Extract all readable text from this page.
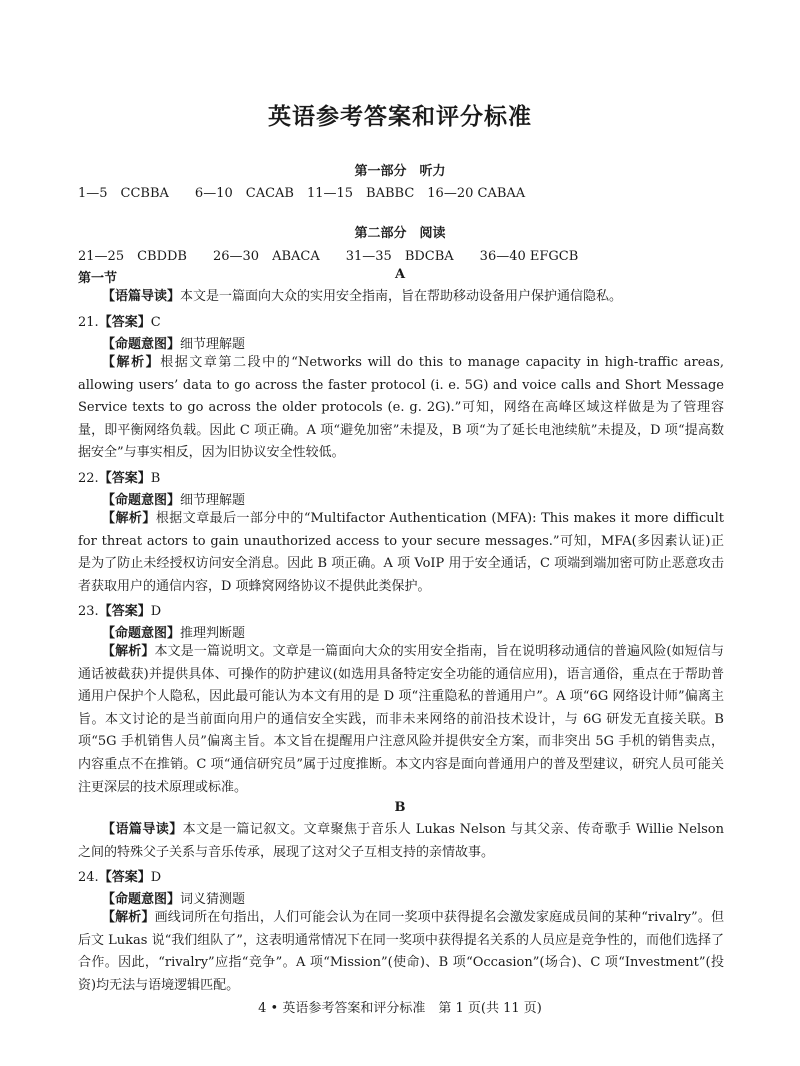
英语参考答案和评分标准
第一部分　听力
1—5　CCBBA　　6—10　CACAB　11—15　BABBC　16—20 CABAA
第二部分　阅读
21—25　CBDDB　　26—30　ABACA　　31—35　BDCBA　　36—40 EFGCB
第一节	A
【语篇导读】本文是一篇面向大众的实用安全指南，旨在帮助移动设备用户保护通信隐私。
21.【答案】C
【命题意图】细节理解题
【解析】根据文章第二段中的“Networks will do this to manage capacity in high-traffic areas, allowing users’ data to go across the faster protocol (i. e. 5G) and voice calls and Short Message Service texts to go across the older protocols (e. g. 2G).”可知，网络在高峰区域这样做是为了管理容量，即平衡网络负载。因此 C 项正确。A 项“避免加密”未提及，B 项“为了延长电池续航”未提及，D 项“提高数据安全”与事实相反，因为旧协议安全性较低。
22.【答案】B
【命题意图】细节理解题
【解析】根据文章最后一部分中的“Multifactor Authentication (MFA): This makes it more difficult for threat actors to gain unauthorized access to your secure messages.”可知，MFA(多因素认证)正是为了防止未经授权访问安全消息。因此 B 项正确。A 项 VoIP 用于安全通话，C 项端到端加密可防止恶意攻击者获取用户的通信内容，D 项蜂窝网络协议不提供此类保护。
23.【答案】D
【命题意图】推理判断题
【解析】本文是一篇说明文。文章是一篇面向大众的实用安全指南，旨在说明移动通信的普遍风险(如短信与通话被截获)并提供具体、可操作的防护建议(如选用具备特定安全功能的通信应用)，语言通俗，重点在于帮助普通用户保护个人隐私，因此最可能认为本文有用的是 D 项“注重隐私的普通用户”。A 项“6G 网络设计师”偏离主旨。本文讨论的是当前面向用户的通信安全实践，而非未来网络的前沿技术设计，与 6G 研发无直接关联。B 项“5G 手机销售人员”偏离主旨。本文旨在提醒用户注意风险并提供安全方案，而非突出 5G 手机的销售卖点，内容重点不在推销。C 项“通信研究员”属于过度推断。本文内容是面向普通用户的普及型建议，研究人员可能关注更深层的技术原理或标准。
B
【语篇导读】本文是一篇记叙文。文章聚焦于音乐人 Lukas Nelson 与其父亲、传奇歌手 Willie Nelson 之间的特殊父子关系与音乐传承，展现了这对父子互相支持的亲情故事。
24.【答案】D
【命题意图】词义猜测题
【解析】画线词所在句指出，人们可能会认为在同一奖项中获得提名会激发家庭成员间的某种“rivalry”。但后文 Lukas 说“我们组队了”，这表明通常情况下在同一奖项中获得提名关系的人员应是竞争性的，而他们选择了合作。因此，“rivalry”应指“竞争”。A 项“Mission”(使命)、B 项“Occasion”(场合)、C 项“Investment”(投资)均无法与语境逻辑匹配。
4 • 英语参考答案和评分标准　第 1 页(共 11 页)
